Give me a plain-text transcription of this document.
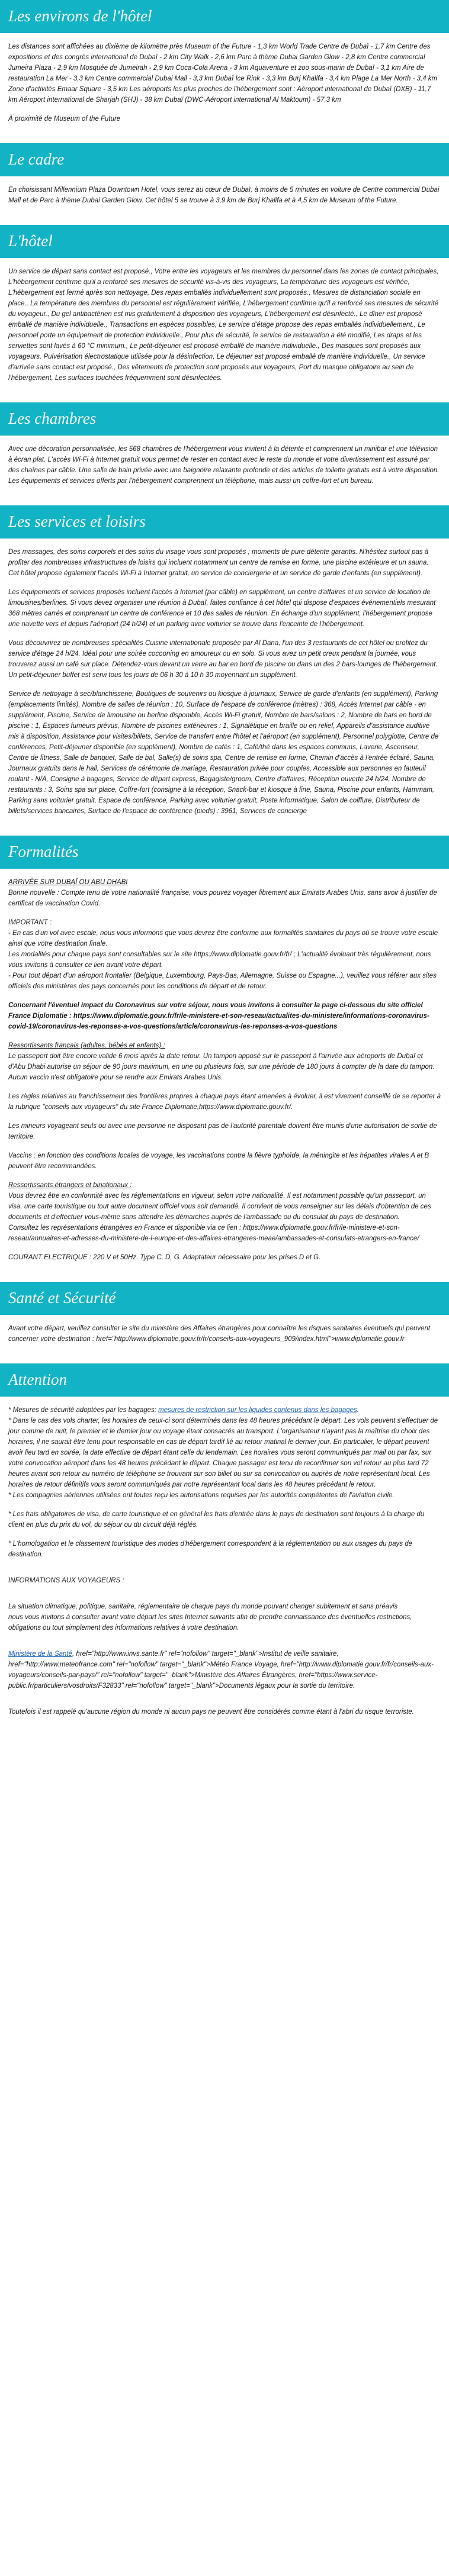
Les environs de l'hôtel

Les distances sont affichées au dixième de kilomètre près Museum of the Future - 1,3 km World Trade Centre de Dubaï - 1,7 km Centre des expositions et des congrès international de Dubaï - 2 km City Walk - 2,6 km Parc à thème Dubai Garden Glow - 2,8 km Centre commercial Jumeira Plaza - 2,9 km Mosquée de Jumeirah - 2,9 km Coca-Cola Arena - 3 km Aquaventure et zoo sous-marin de Dubaï - 3,1 km Aire de restauration La Mer - 3,3 km Centre commercial Dubai Mall - 3,3 km Dubaï Ice Rink - 3,3 km Burj Khalifa - 3,4 km Plage La Mer North - 3,4 km Zone d'activités Emaar Square - 3,5 km Les aéroports les plus proches de l'hébergement sont : Aéroport international de Dubaï (DXB) - 11,7 km Aéroport international de Sharjah (SHJ) - 38 km Dubaï (DWC-Aéroport international Al Maktoum) - 57,3 km

À proximité de Museum of the Future

Le cadre

En choisissant Millennium Plaza Downtown Hotel, vous serez au cœur de Dubaï, à moins de 5 minutes en voiture de Centre commercial Dubai Mall et de Parc à thème Dubai Garden Glow. Cet hôtel 5 se trouve à 3,9 km de Burj Khalifa et à 4,5 km de Museum of the Future.

L'hôtel

Un service de départ sans contact est proposé., Votre entre les voyageurs et les membres du personnel dans les zones de contact principales, L'hébergement confirme qu'il a renforcé ses mesures de sécurité vis-à-vis des voyageurs, La température des voyageurs est vérifiée, L'hébergement est fermé après son nettoyage, Des repas emballés individuellement sont proposés., Mesures de distanciation sociale en place., La température des membres du personnel est régulièrement vérifiée, L'hébergement confirme qu'il a renforcé ses mesures de sécurité du voyageur., Du gel antibactérien est mis gratuitement à disposition des voyageurs, L'hébergement est désinfecté., Le dîner est proposé emballé de manière individuelle., Transactions en espèces possibles, Le service d'étage propose des repas emballés individuellement., Le personnel porte un équipement de protection individuelle., Pour plus de sécurité, le service de restauration a été modifié, Les draps et les serviettes sont lavés à 60 °C minimum., Le petit-déjeuner est proposé emballé de manière individuelle., Des masques sont proposés aux voyageurs, Pulvérisation électrostatique utilisée pour la désinfection, Le déjeuner est proposé emballé de manière individuelle., Un service d'arrivée sans contact est proposé., Des vêtements de protection sont proposés aux voyageurs, Port du masque obligatoire au sein de l'hébergement, Les surfaces touchées fréquemment sont désinfectées.

Les chambres

Avec une décoration personnalisée, les 568 chambres de l'hébergement vous invitent à la détente et comprennent un minibar et une télévision à écran plat. L'accès Wi-Fi à Internet gratuit vous permet de rester en contact avec le reste du monde et votre divertissement est assuré par des chaînes par câble. Une salle de bain privée avec une baignoire relaxante profonde et des articles de toilette gratuits est à votre disposition. Les équipements et services offerts par l'hébergement comprennent un téléphone, mais aussi un coffre-fort et un bureau.

Les services et loisirs

Des massages, des soins corporels et des soins du visage vous sont proposés ; moments de pure détente garantis. N'hésitez surtout pas à profiter des nombreuses infrastructures de loisirs qui incluent notamment un centre de remise en forme, une piscine extérieure et un sauna. Cet hôtel propose également l'accès Wi-Fi à Internet gratuit, un service de conciergerie et un service de garde d'enfants (en supplément).

Les équipements et services proposés incluent l'accès à Internet (par câble) en supplément, un centre d'affaires et un service de location de limousines/berlines. Si vous devez organiser une réunion à Dubaï, faites confiance à cet hôtel qui dispose d'espaces événementiels mesurant 368 mètres carrés et comprenant un centre de conférence et 10 des salles de réunion. En échange d'un supplément, l'hébergement propose une navette vers et depuis l'aéroport (24 h/24) et un parking avec voiturier se trouve dans l'enceinte de l'hébergement.

Vous découvrirez de nombreuses spécialités Cuisine internationale proposée par Al Dana, l'un des 3 restaurants de cet hôtel ou profitez du service d'étage 24 h/24. Idéal pour une soirée cocooning en amoureux ou en solo. Si vous avez un petit creux pendant la journée, vous trouverez aussi un café sur place. Détendez-vous devant un verre au bar en bord de piscine ou dans un des 2 bars-lounges de l'hébergement. Un petit-déjeuner buffet est servi tous les jours de 06 h 30 à 10 h 30 moyennant un supplément.

Service de nettoyage à sec/blanchisserie, Boutiques de souvenirs ou kiosque à journaux, Service de garde d'enfants (en supplément), Parking (emplacements limités), Nombre de salles de réunion : 10, Surface de l'espace de conférence (mètres) : 368, Accès Internet par câble - en supplément, Piscine, Service de limousine ou berline disponible, Accès Wi-Fi gratuit, Nombre de bars/salons : 2, Nombre de bars en bord de piscine : 1, Espaces fumeurs prévus, Nombre de piscines extérieures : 1, Signalétique en braille ou en relief, Appareils d'assistance auditive mis à disposition, Assistance pour visites/billets, Service de transfert entre l'hôtel et l'aéroport (en supplément), Personnel polyglotte, Centre de conférences, Petit-déjeuner disponible (en supplément), Nombre de cafés : 1, Café/thé dans les espaces communs, Laverie, Ascenseur, Centre de fitness, Salle de banquet, Salle de bal, Salle(s) de soins spa, Centre de remise en forme, Chemin d'accès à l'entrée éclairé, Sauna, Journaux gratuits dans le hall, Services de cérémonie de mariage, Restauration privée pour couples, Accessible aux personnes en fauteuil roulant - N/A, Consigne à bagages, Service de départ express, Bagagiste/groom, Centre d'affaires, Réception ouverte 24 h/24, Nombre de restaurants : 3, Soins spa sur place, Coffre-fort (consigne à la réception, Snack-bar et kiosque à fine, Sauna, Piscine pour enfants, Hammam, Parking sans voiturier gratuit, Espace de conférence, Parking avec voiturier gratuit, Poste informatique, Salon de coiffure, Distributeur de billets/services bancaires, Surface de l'espace de conférence (pieds) : 3961, Services de concierge

Formalités

ARRIVÉE SUR DUBAÏ OU ABU DHABI
Bonne nouvelle : Compte tenu de votre nationalité française, vous pouvez voyager librement aux Emirats Arabes Unis, sans avoir à justifier de certificat de vaccination Covid.

IMPORTANT :
- En cas d'un vol avec escale, nous vous informons que vous devrez être conforme aux formalités sanitaires du pays où se trouve votre escale ainsi que votre destination finale.
Les modalités pour chaque pays sont consultables sur le site https://www.diplomatie.gouv.fr/fr/ ; L'actualité évoluant très régulièrement, nous vous invitons à consulter ce lien avant votre départ.
- Pour tout départ d'un aéroport frontalier (Belgique, Luxembourg, Pays-Bas, Allemagne, Suisse ou Espagne...), veuillez vous référer aux sites officiels des ministères des pays concernés pour les conditions de départ et de retour.

Concernant l'éventuel impact du Coronavirus sur votre séjour, nous vous invitons à consulter la page ci-dessous du site officiel France Diplomatie : https://www.diplomatie.gouv.fr/fr/le-ministere-et-son-reseau/actualites-du-ministere/informations-coronavirus-covid-19/coronavirus-les-reponses-a-vos-questions/article/coronavirus-les-reponses-a-vos-questions

Ressortissants français (adultes, bébés et enfants) :
Le passeport doit être encore valide 6 mois après la date retour. Un tampon apposé sur le passeport à l'arrivée aux aéroports de Dubaï et d'Abu Dhabi autorise un séjour de 90 jours maximum, en une ou plusieurs fois, sur une période de 180 jours à compter de la date du tampon.
Aucun vaccin n'est obligatoire pour se rendre aux Emirats Arabes Unis.

Les règles relatives au franchissement des frontières propres à chaque pays étant amenées à évoluer, il est vivement conseillé de se reporter à la rubrique "conseils aux voyageurs" du site France Diplomatie,https://www.diplomatie.gouv.fr/.

Les mineurs voyageant seuls ou avec une personne ne disposant pas de l'autorité parentale doivent être munis d'une autorisation de sortie de territoire.

Vaccins : en fonction des conditions locales de voyage, les vaccinations contre la fièvre typhoïde, la méningite et les hépatites virales A et B peuvent être recommandées.

Ressortissants étrangers et binationaux :
Vous devrez être en conformité avec les réglementations en vigueur, selon votre nationalité. Il est notamment possible qu'un passeport, un visa, une carte touristique ou tout autre document officiel vous soit demandé. Il convient de vous renseigner sur les délais d'obtention de ces documents et d'effectuer vous-même sans attendre les démarches auprès de l'ambassade ou du consulat du pays de destination.
Consultez les représentations étrangères en France et disponible via ce lien : https://www.diplomatie.gouv.fr/fr/le-ministere-et-son-reseau/annuaires-et-adresses-du-ministere-de-l-europe-et-des-affaires-etrangeres-meae/ambassades-et-consulats-etrangers-en-france/

COURANT ELECTRIQUE : 220 V et 50Hz. Type C, D, G. Adaptateur nécessaire pour les prises D et G.

Santé et Sécurité

Avant votre départ, veuillez consulter le site du ministère des Affaires étrangères pour connaître les risques sanitaires éventuels qui peuvent concerner votre destination : href="http://www.diplomatie.gouv.fr/fr/conseils-aux-voyageurs_909/index.html">www.diplomatie.gouv.fr

Attention

* Mesures de sécurité adoptées par les bagages: mesures de restriction sur les liquides contenus dans les bagages.
* Dans le cas des vols charter, les horaires de ceux-ci sont déterminés dans les 48 heures précédant le départ. Les vols peuvent s'effectuer de jour comme de nuit, le premier et le dernier jour ou voyage étant consacrés au transport. L'organisateur n'ayant pas la maîtrise du choix des horaires, il ne saurait être tenu pour responsable en cas de départ tardif lié au retour matinal le dernier jour. En particulier, le départ peuvent avoir lieu tard en soirée, la date effective de départ étant celle du lendemain. Les horaires vous seront communiqués par mail ou par fax, sur votre convocation aéroport dans les 48 heures précédant le départ. Chaque passager est tenu de reconfirmer son vol retour au plus tard 72 heures avant son retour au numéro de téléphone se trouvant sur son billet ou sur sa convocation ou auprès de notre représentant local. Les horaires de retour définitifs vous seront communiqués par notre représentant local dans les 48 heures précédant le retour.
* Les compagnies aériennes utilisées ont toutes reçu les autorisations requises par les autorités compétentes de l'aviation civile.

* Les frais obligatoires de visa, de carte touristique et en général les frais d'entrée dans le pays de destination sont toujours à la charge du client en plus du prix du vol, du séjour ou du circuit déjà réglés.

* L'homologation et le classement touristique des modes d'hébergement correspondent à la réglementation ou aux usages du pays de destination.

INFORMATIONS AUX VOYAGEURS :

La situation climatique, politique, sanitaire, réglementaire de chaque pays du monde pouvant changer subitement et sans préavis
nous vous invitons à consulter avant votre départ les sites Internet suivants afin de prendre connaissance des éventuelles restrictions, obligations ou tout simplement des informations relatives à votre destination.

Ministère de la Santé, href="http://www.invs.sante.fr" rel="nofollow" target="_blank">Institut de veille sanitaire, href="http://www.meteofrance.com" rel="nofollow" target="_blank">Météo France Voyage, href="http://www.diplomatie.gouv.fr/fr/conseils-aux-voyageurs/conseils-par-pays/" rel="nofollow" target="_blank">Ministère des Affaires Étrangères, href="https://www.service-public.fr/particuliers/vosdroits/F32833" rel="nofollow" target="_blank">Documents légaux pour la sortie du territoire.

Toutefois il est rappelé qu'aucune région du monde ni aucun pays ne peuvent être considérés comme étant à l'abri du risque terroriste.
